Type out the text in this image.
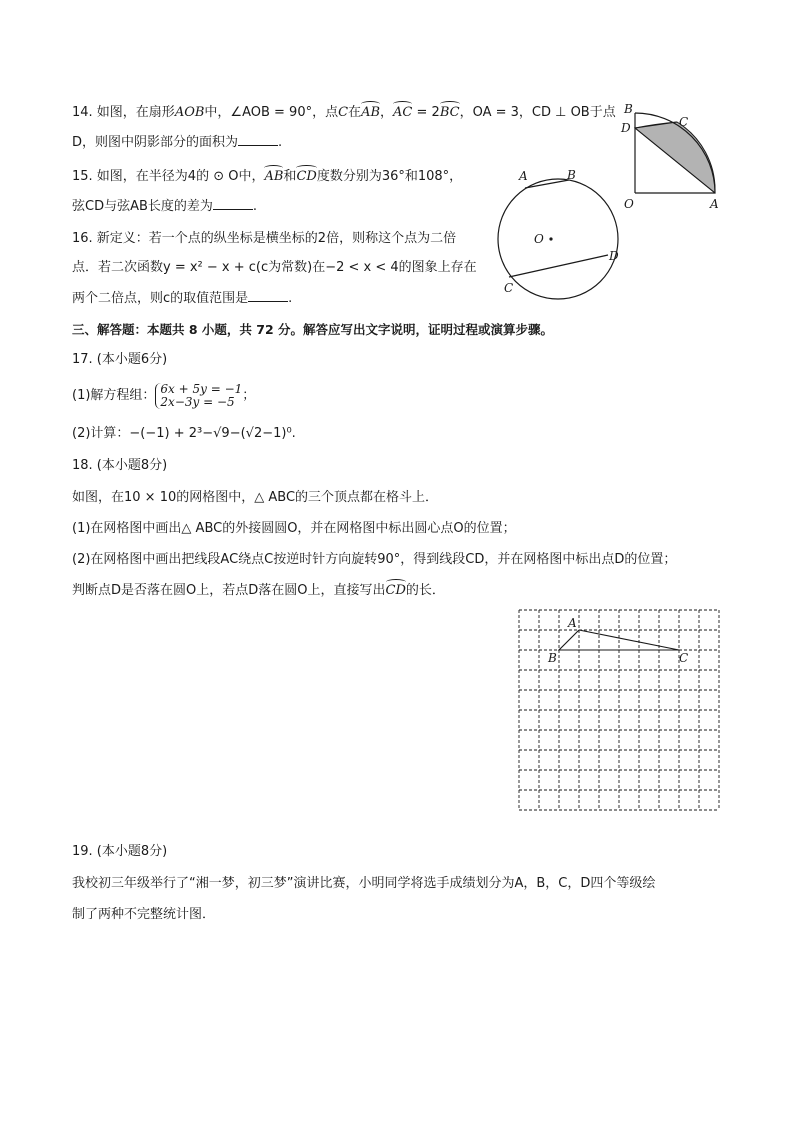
14. 如图，在扇形AOB中，∠AOB = 90°，点C在AB，AC = 2BC，OA = 3，CD ⊥ OB于点
D，则图中阴影部分的面积为	.
15. 如图，在半径为4的 ⊙ O中，AB和CD度数分别为36°和108°，
弦CD与弦AB长度的差为	.
16. 新定义：若一个点的纵坐标是横坐标的2倍，则称这个点为二倍
点．若二次函数y = x² − x + c(c为常数)在−2 < x < 4的图象上存在
两个二倍点，则c的取值范围是	.
三、解答题：本题共 8 小题，共 72 分。解答应写出文字说明，证明过程或演算步骤。
17. (本小题6分)
(1)解方程组： 6x + 5y = −1
2x−3y = −5 ；
(2)计算：−(−1) + 2³−√9−(√2−1)⁰.
18. (本小题8分)
如图，在10 × 10的网格图中，△ ABC的三个顶点都在格斗上．
(1)在网格图中画出△ ABC的外接圆圆O，并在网格图中标出圆心点O的位置；
(2)在网格图中画出把线段AC绕点C按逆时针方向旋转90°，得到线段CD，并在网格图中标出点D的位置；
判断点D是否落在圆O上，若点D落在圆O上，直接写出CD的长．
19. (本小题8分)
我校初三年级举行了“湘一梦，初三梦”演讲比赛，小明同学将选手成绩划分为A，B，C，D四个等级绘
制了两种不完整统计图．
B
D	C
O	A
A	B
O
D
C
A
B	C
